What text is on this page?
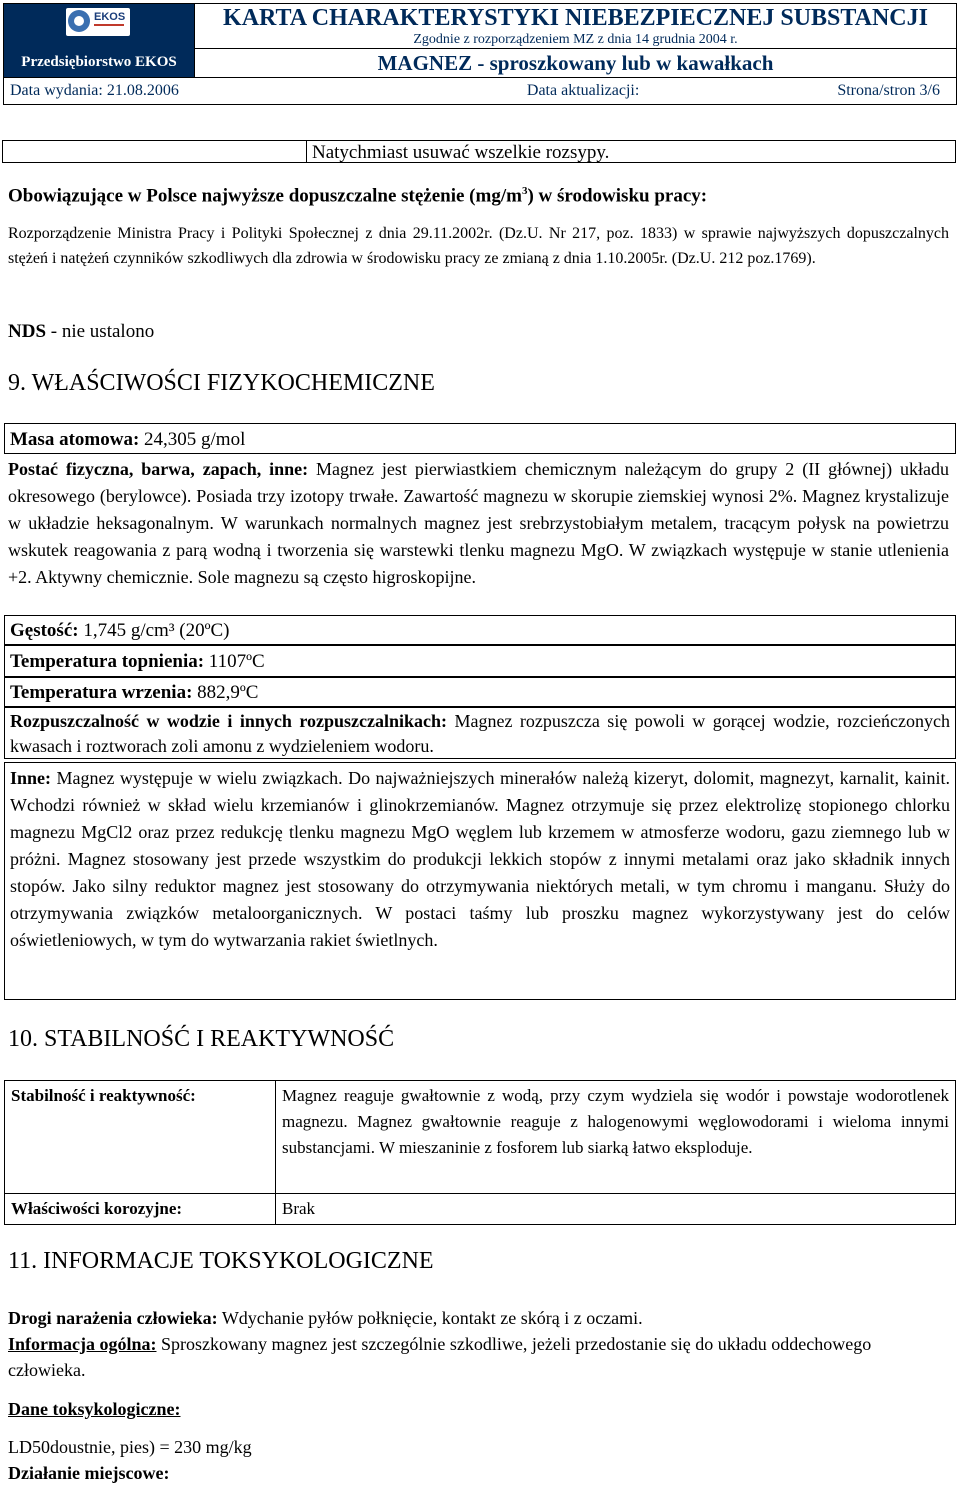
EKOS
Przedsiębiorstwo EKOS

KARTA CHARAKTERYSTYKI NIEBEZPIECZNEJ SUBSTANCJI
Zgodnie z rozporządzeniem MZ z dnia 14 grudnia 2004 r.

MAGNEZ - sproszkowany lub w kawałkach

Data wydania: 21.08.2006	Data aktualizacji:	Strona/stron 3/6
Natychmiast usuwać wszelkie rozsypy.

Obowiązujące w Polsce najwyższe dopuszczalne stężenie $(mg/m^3)$ w środowisku pracy:

Rozporządzenie Ministra Pracy i Polityki Społecznej z dnia 29.11.2002r. (Dz.U. Nr 217, poz. 1833) w sprawie najwyższych dopuszczalnych stężeń i natężeń czynników szkodliwych dla zdrowia w środowisku pracy ze zmianą z dnia 1.10.2005r. (Dz.U. 212 poz.1769).

NDS - nie ustalono

9. WŁAŚCIWOŚCI FIZYKOCHEMICZNE

Masa atomowa: 24,305 g/mol

Postać fizyczna, barwa, zapach, inne: Magnez jest pierwiastkiem chemicznym należącym do grupy 2 (II głównej) układu okresowego (berylowce). Posiada trzy izotopy trwałe. Zawartość magnezu w skorupie ziemskiej wynosi 2%. Magnez krystalizuje w układzie heksagonalnym. W warunkach normalnych magnez jest srebrzystobiałym metalem, tracącym połysk na powietrzu wskutek reagowania z parą wodną i tworzenia się warstewki tlenku magnezu MgO. W związkach występuje w stanie utlenienia +2. Aktywny chemicznie. Sole magnezu są często higroskopijne.

Gęstość: 1,745 g/cm³ (20ºC)

Temperatura topnienia: 1107ºC

Temperatura wrzenia: 882,9ºC

Rozpuszczalność w wodzie i innych rozpuszczalnikach: Magnez rozpuszcza się powoli w gorącej wodzie, rozcieńczonych kwasach i roztworach zoli amonu z wydzieleniem wodoru.

Inne: Magnez występuje w wielu związkach. Do najważniejszych minerałów należą kizeryt, dolomit, magnezyt, karnalit, kainit. Wchodzi również w skład wielu krzemianów i glinokrzemianów. Magnez otrzymuje się przez elektrolizę stopionego chlorku magnezu MgCl2 oraz przez redukcję tlenku magnezu MgO węglem lub krzemem w atmosferze wodoru, gazu ziemnego lub w próżni. Magnez stosowany jest przede wszystkim do produkcji lekkich stopów z innymi metalami oraz jako składnik innych stopów. Jako silny reduktor magnez jest stosowany do otrzymywania niektórych metali, w tym chromu i manganu. Służy do otrzymywania związków metaloorganicznych. W postaci taśmy lub proszku magnez wykorzystywany jest do celów oświetleniowych, w tym do wytwarzania rakiet świetlnych.

10. STABILNOŚĆ I REAKTYWNOŚĆ
Stabilność i reaktywność:	Magnez reaguje gwałtownie z wodą, przy czym wydziela się wodór i powstaje wodorotlenek magnezu. Magnez gwałtownie reaguje z halogenowymi węglowodorami i wieloma innymi substancjami. W mieszaninie z fosforem lub siarką łatwo eksploduje.
Właściwości korozyjne:	Brak
11. INFORMACJE TOKSYKOLOGICZNE

Drogi narażenia człowieka: Wdychanie pyłów połknięcie, kontakt ze skórą i z oczami.

Informacja ogólna: Sproszkowany magnez jest szczególnie szkodliwe, jeżeli przedostanie się do układu oddechowego człowieka.

Dane toksykologiczne:

LD50doustnie, pies) = 230 mg/kg

Działanie miejscowe:
